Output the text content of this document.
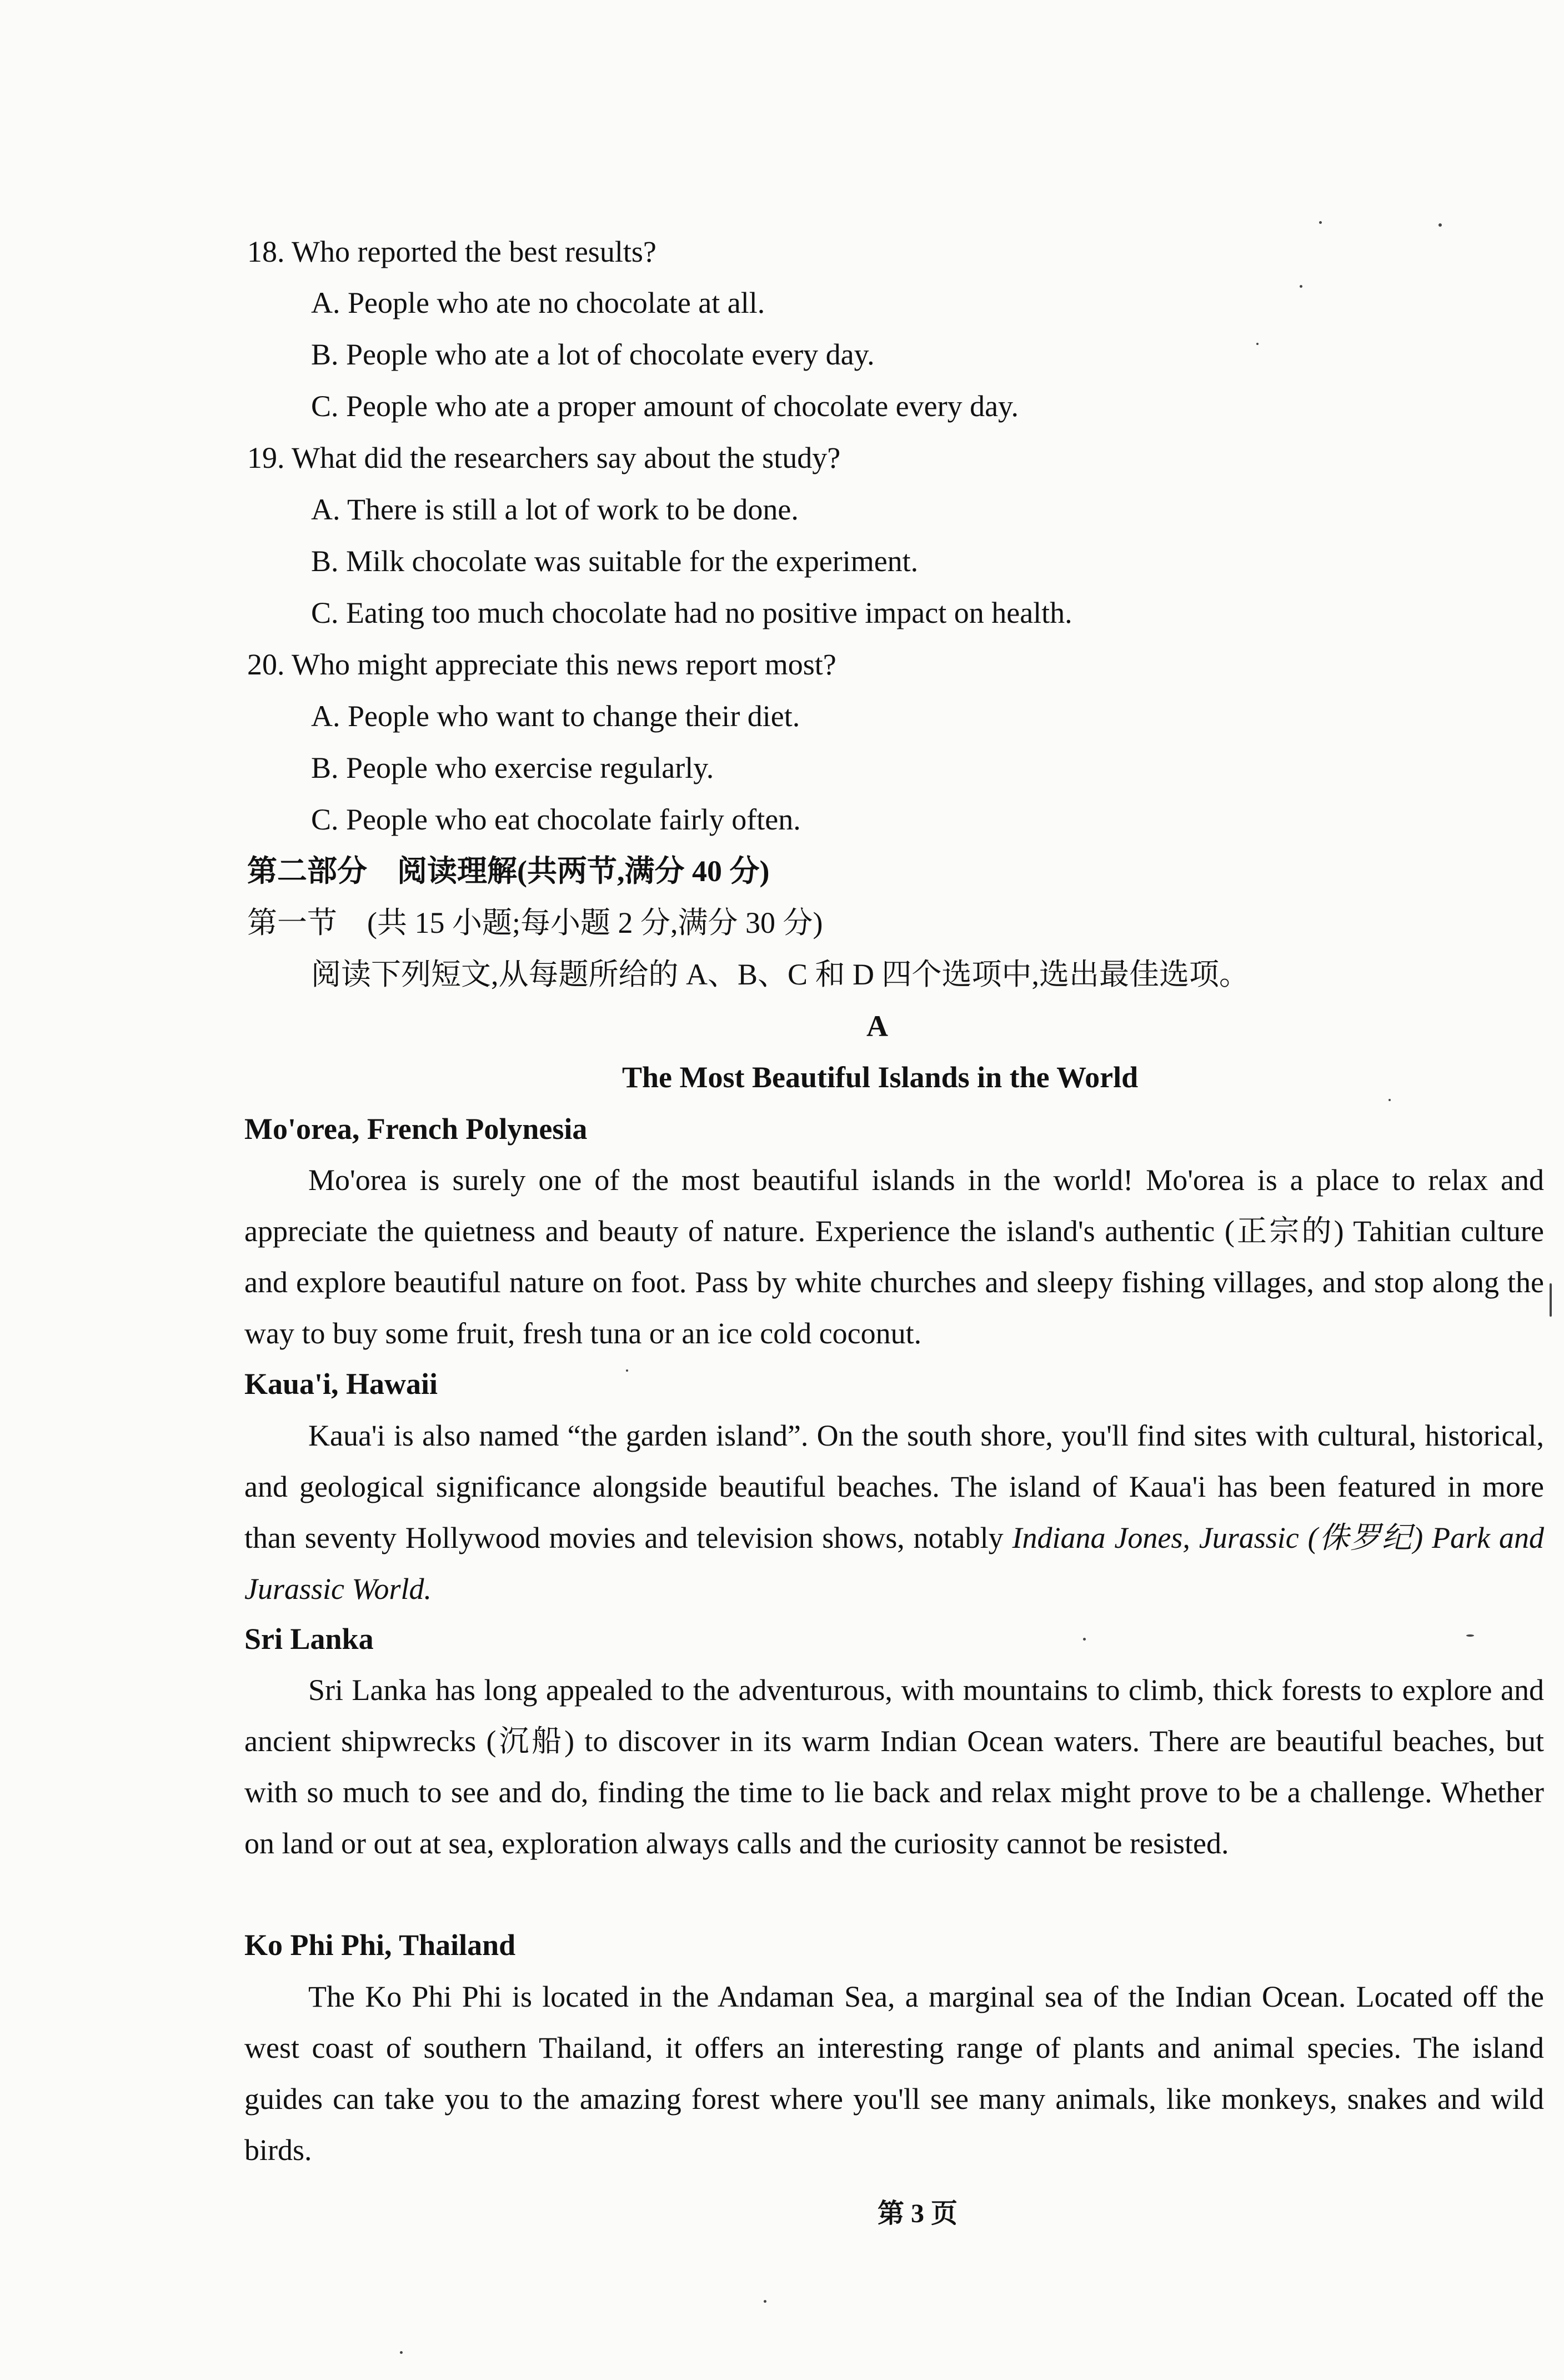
18. Who reported the best results?
A. People who ate no chocolate at all.
B. People who ate a lot of chocolate every day.
C. People who ate a proper amount of chocolate every day.
19. What did the researchers say about the study?
A. There is still a lot of work to be done.
B. Milk chocolate was suitable for the experiment.
C. Eating too much chocolate had no positive impact on health.
20. Who might appreciate this news report most?
A. People who want to change their diet.
B. People who exercise regularly.
C. People who eat chocolate fairly often.
第二部分　阅读理解(共两节,满分 40 分)
第一节　(共 15 小题;每小题 2 分,满分 30 分)
阅读下列短文,从每题所给的 A、B、C 和 D 四个选项中,选出最佳选项。
A
The Most Beautiful Islands in the World
Mo'orea, French Polynesia

Mo'orea is surely one of the most beautiful islands in the world! Mo'orea is a place to relax and appreciate the quietness and beauty of nature. Experience the island's authentic (正宗的) Tahitian culture and explore beautiful nature on foot. Pass by white churches and sleepy fishing villages, and stop along the way to buy some fruit, fresh tuna or an ice cold coconut.

Kaua'i, Hawaii

Kaua'i is also named “the garden island”. On the south shore, you'll find sites with cultural, historical, and geological significance alongside beautiful beaches. The island of Kaua'i has been featured in more than seventy Hollywood movies and television shows, notably Indiana Jones, Jurassic (侏罗纪) Park and Jurassic World.

Sri Lanka

Sri Lanka has long appealed to the adventurous, with mountains to climb, thick forests to explore and ancient shipwrecks (沉船) to discover in its warm Indian Ocean waters. There are beautiful beaches, but with so much to see and do, finding the time to lie back and relax might prove to be a challenge. Whether on land or out at sea, exploration always calls and the curiosity cannot be resisted.

Ko Phi Phi, Thailand

The Ko Phi Phi is located in the Andaman Sea, a marginal sea of the Indian Ocean. Located off the west coast of southern Thailand, it offers an interesting range of plants and animal species. The island guides can take you to the amazing forest where you'll see many animals, like monkeys, snakes and wild birds.

第 3 页
